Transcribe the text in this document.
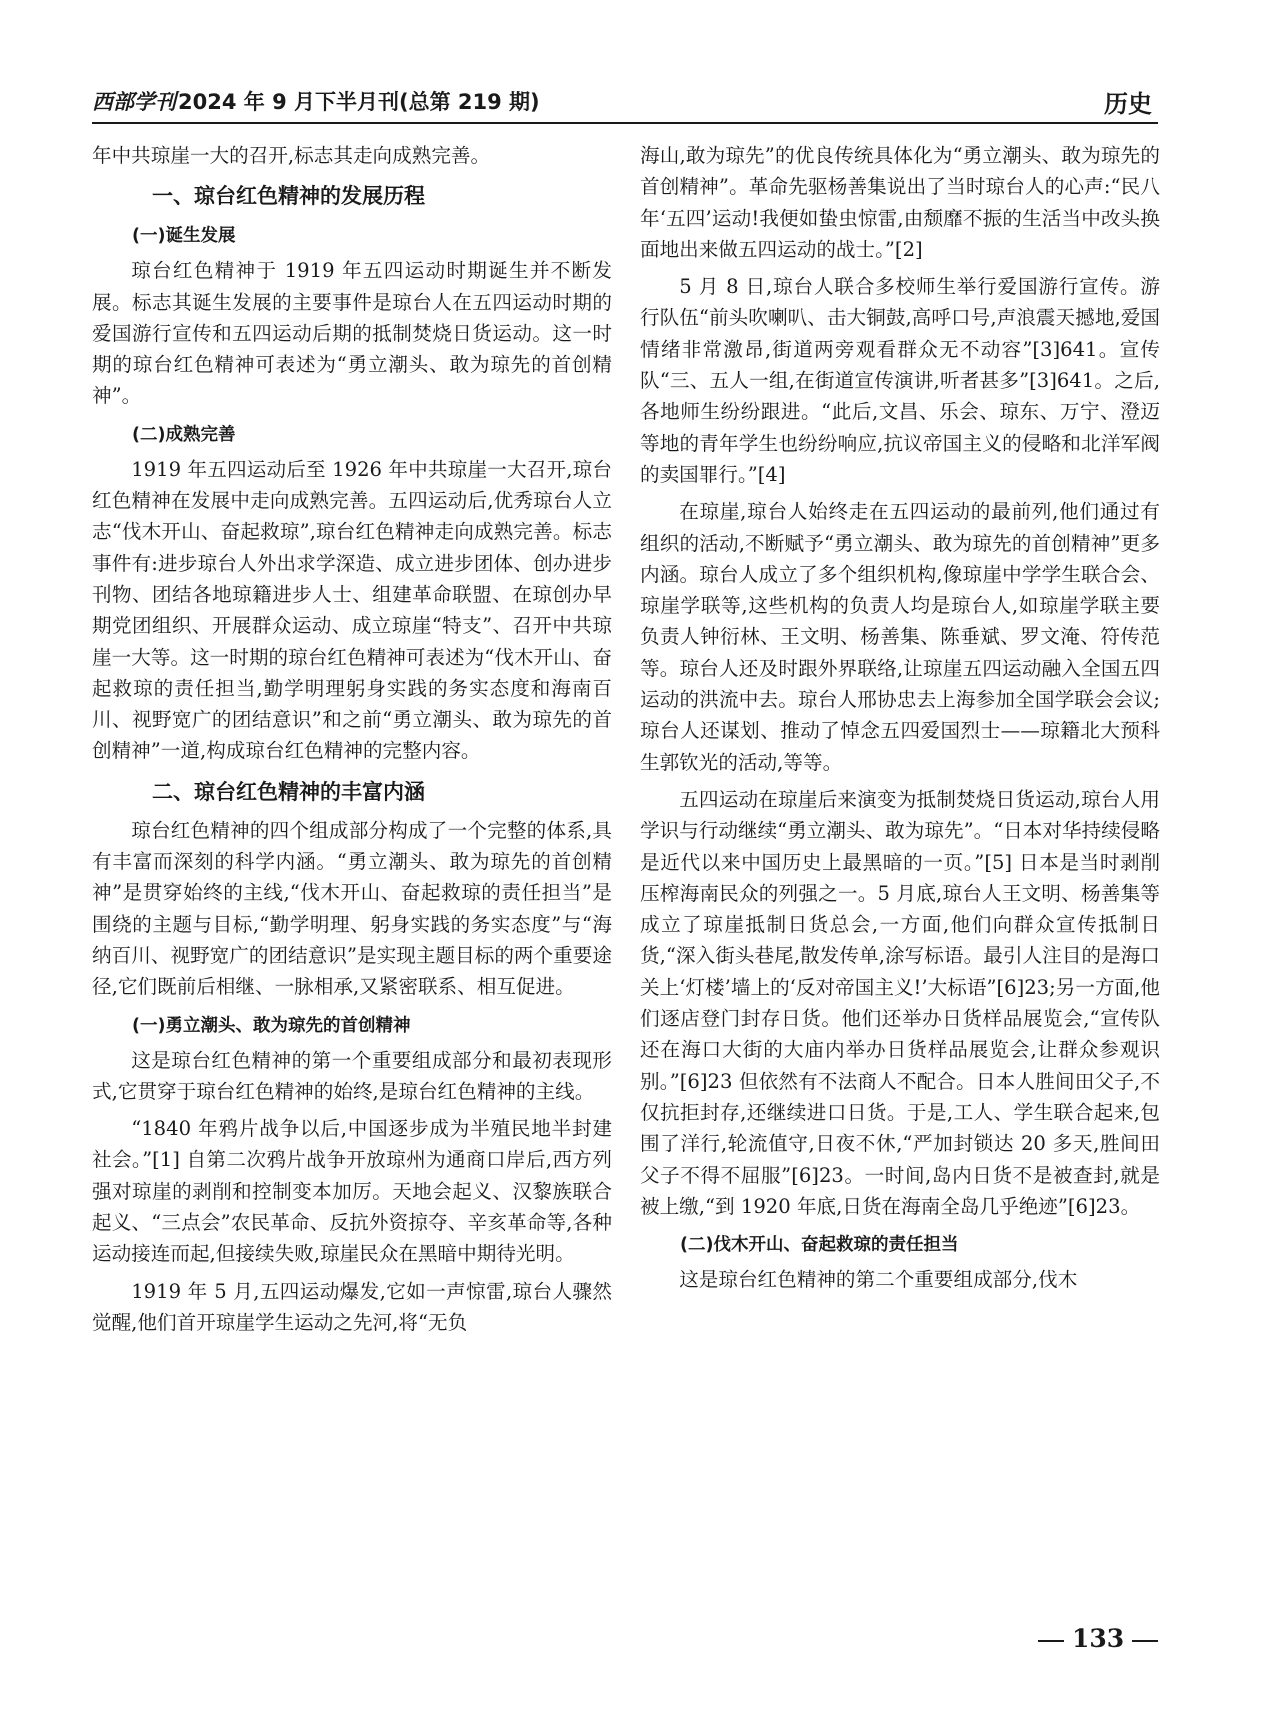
西部学刊2024 年 9 月下半月刊(总第 219 期)	历史

年中共琼崖一大的召开,标志其走向成熟完善。

一、琼台红色精神的发展历程
(一)诞生发展

琼台红色精神于 1919 年五四运动时期诞生并不断发展。标志其诞生发展的主要事件是琼台人在五四运动时期的爱国游行宣传和五四运动后期的抵制焚烧日货运动。这一时期的琼台红色精神可表述为“勇立潮头、敢为琼先的首创精神”。

(二)成熟完善

1919 年五四运动后至 1926 年中共琼崖一大召开,琼台红色精神在发展中走向成熟完善。五四运动后,优秀琼台人立志“伐木开山、奋起救琼”,琼台红色精神走向成熟完善。标志事件有:进步琼台人外出求学深造、成立进步团体、创办进步刊物、团结各地琼籍进步人士、组建革命联盟、在琼创办早期党团组织、开展群众运动、成立琼崖“特支”、召开中共琼崖一大等。这一时期的琼台红色精神可表述为“伐木开山、奋起救琼的责任担当,勤学明理躬身实践的务实态度和海南百川、视野宽广的团结意识”和之前“勇立潮头、敢为琼先的首创精神”一道,构成琼台红色精神的完整内容。

二、琼台红色精神的丰富内涵

琼台红色精神的四个组成部分构成了一个完整的体系,具有丰富而深刻的科学内涵。“勇立潮头、敢为琼先的首创精神”是贯穿始终的主线,“伐木开山、奋起救琼的责任担当”是围绕的主题与目标,“勤学明理、躬身实践的务实态度”与“海纳百川、视野宽广的团结意识”是实现主题目标的两个重要途径,它们既前后相继、一脉相承,又紧密联系、相互促进。

(一)勇立潮头、敢为琼先的首创精神

这是琼台红色精神的第一个重要组成部分和最初表现形式,它贯穿于琼台红色精神的始终,是琼台红色精神的主线。

“1840 年鸦片战争以后,中国逐步成为半殖民地半封建社会。”[1] 自第二次鸦片战争开放琼州为通商口岸后,西方列强对琼崖的剥削和控制变本加厉。天地会起义、汉黎族联合起义、“三点会”农民革命、反抗外资掠夺、辛亥革命等,各种运动接连而起,但接续失败,琼崖民众在黑暗中期待光明。

1919 年 5 月,五四运动爆发,它如一声惊雷,琼台人骤然觉醒,他们首开琼崖学生运动之先河,将“无负

海山,敢为琼先”的优良传统具体化为“勇立潮头、敢为琼先的首创精神”。革命先驱杨善集说出了当时琼台人的心声:“民八年‘五四’运动!我便如蛰虫惊雷,由颓靡不振的生活当中改头换面地出来做五四运动的战士。”[2]

5 月 8 日,琼台人联合多校师生举行爱国游行宣传。游行队伍“前头吹喇叭、击大铜鼓,高呼口号,声浪震天撼地,爱国情绪非常激昂,街道两旁观看群众无不动容”[3]641。宣传队“三、五人一组,在街道宣传演讲,听者甚多”[3]641。之后,各地师生纷纷跟进。“此后,文昌、乐会、琼东、万宁、澄迈等地的青年学生也纷纷响应,抗议帝国主义的侵略和北洋军阀的卖国罪行。”[4]

在琼崖,琼台人始终走在五四运动的最前列,他们通过有组织的活动,不断赋予“勇立潮头、敢为琼先的首创精神”更多内涵。琼台人成立了多个组织机构,像琼崖中学学生联合会、琼崖学联等,这些机构的负责人均是琼台人,如琼崖学联主要负责人钟衍林、王文明、杨善集、陈垂斌、罗文淹、符传范等。琼台人还及时跟外界联络,让琼崖五四运动融入全国五四运动的洪流中去。琼台人邢协忠去上海参加全国学联会会议;琼台人还谋划、推动了悼念五四爱国烈士——琼籍北大预科生郭钦光的活动,等等。

五四运动在琼崖后来演变为抵制焚烧日货运动,琼台人用学识与行动继续“勇立潮头、敢为琼先”。“日本对华持续侵略是近代以来中国历史上最黑暗的一页。”[5] 日本是当时剥削压榨海南民众的列强之一。5 月底,琼台人王文明、杨善集等成立了琼崖抵制日货总会,一方面,他们向群众宣传抵制日货,“深入街头巷尾,散发传单,涂写标语。最引人注目的是海口关上‘灯楼’墙上的‘反对帝国主义!’大标语”[6]23;另一方面,他们逐店登门封存日货。他们还举办日货样品展览会,“宣传队还在海口大街的大庙内举办日货样品展览会,让群众参观识别。”[6]23 但依然有不法商人不配合。日本人胜间田父子,不仅抗拒封存,还继续进口日货。于是,工人、学生联合起来,包围了洋行,轮流值守,日夜不休,“严加封锁达 20 多天,胜间田父子不得不屈服”[6]23。一时间,岛内日货不是被查封,就是被上缴,“到 1920 年底,日货在海南全岛几乎绝迹”[6]23。

(二)伐木开山、奋起救琼的责任担当

这是琼台红色精神的第二个重要组成部分,伐木

133
